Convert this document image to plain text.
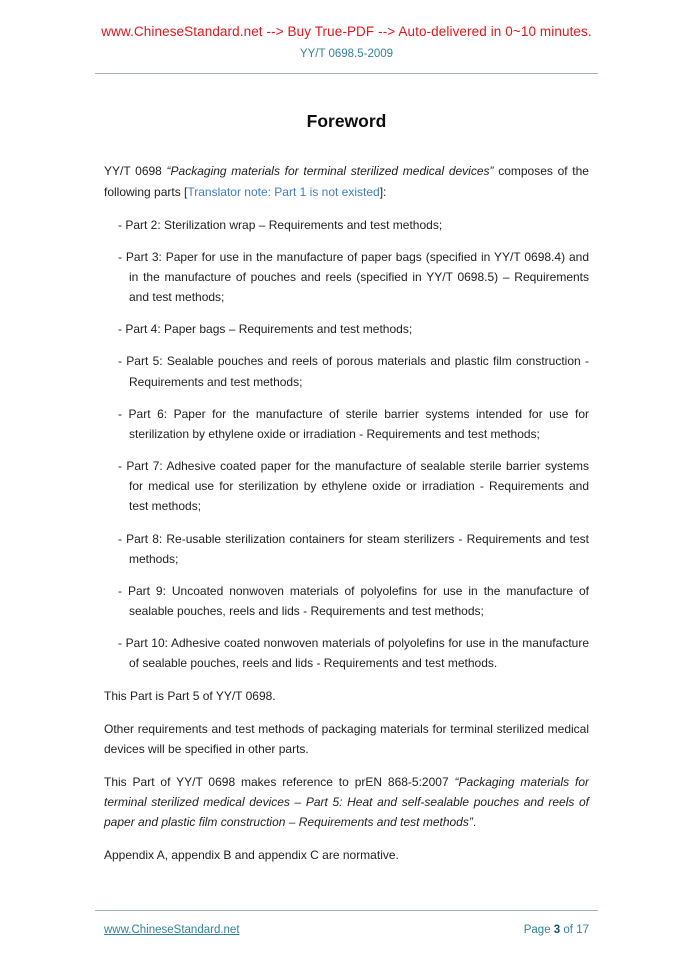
www.ChineseStandard.net --> Buy True-PDF --> Auto-delivered in 0~10 minutes.
YY/T 0698.5-2009
Foreword

YY/T 0698 “Packaging materials for terminal sterilized medical devices” composes of the following parts [Translator note: Part 1 is not existed]:

- Part 2: Sterilization wrap – Requirements and test methods;

- Part 3: Paper for use in the manufacture of paper bags (specified in YY/T 0698.4) and in the manufacture of pouches and reels (specified in YY/T 0698.5) – Requirements and test methods;

- Part 4: Paper bags – Requirements and test methods;

- Part 5: Sealable pouches and reels of porous materials and plastic film construction - Requirements and test methods;

- Part 6: Paper for the manufacture of sterile barrier systems intended for use for sterilization by ethylene oxide or irradiation - Requirements and test methods;

- Part 7: Adhesive coated paper for the manufacture of sealable sterile barrier systems for medical use for sterilization by ethylene oxide or irradiation - Requirements and test methods;

- Part 8: Re-usable sterilization containers for steam sterilizers - Requirements and test methods;

- Part 9: Uncoated nonwoven materials of polyolefins for use in the manufacture of sealable pouches, reels and lids - Requirements and test methods;

- Part 10: Adhesive coated nonwoven materials of polyolefins for use in the manufacture of sealable pouches, reels and lids - Requirements and test methods.

This Part is Part 5 of YY/T 0698.

Other requirements and test methods of packaging materials for terminal sterilized medical devices will be specified in other parts.

This Part of YY/T 0698 makes reference to prEN 868-5:2007 “Packaging materials for terminal sterilized medical devices – Part 5: Heat and self-sealable pouches and reels of paper and plastic film construction – Requirements and test methods”.

Appendix A, appendix B and appendix C are normative.

www.ChineseStandard.net	Page 3 of 17
